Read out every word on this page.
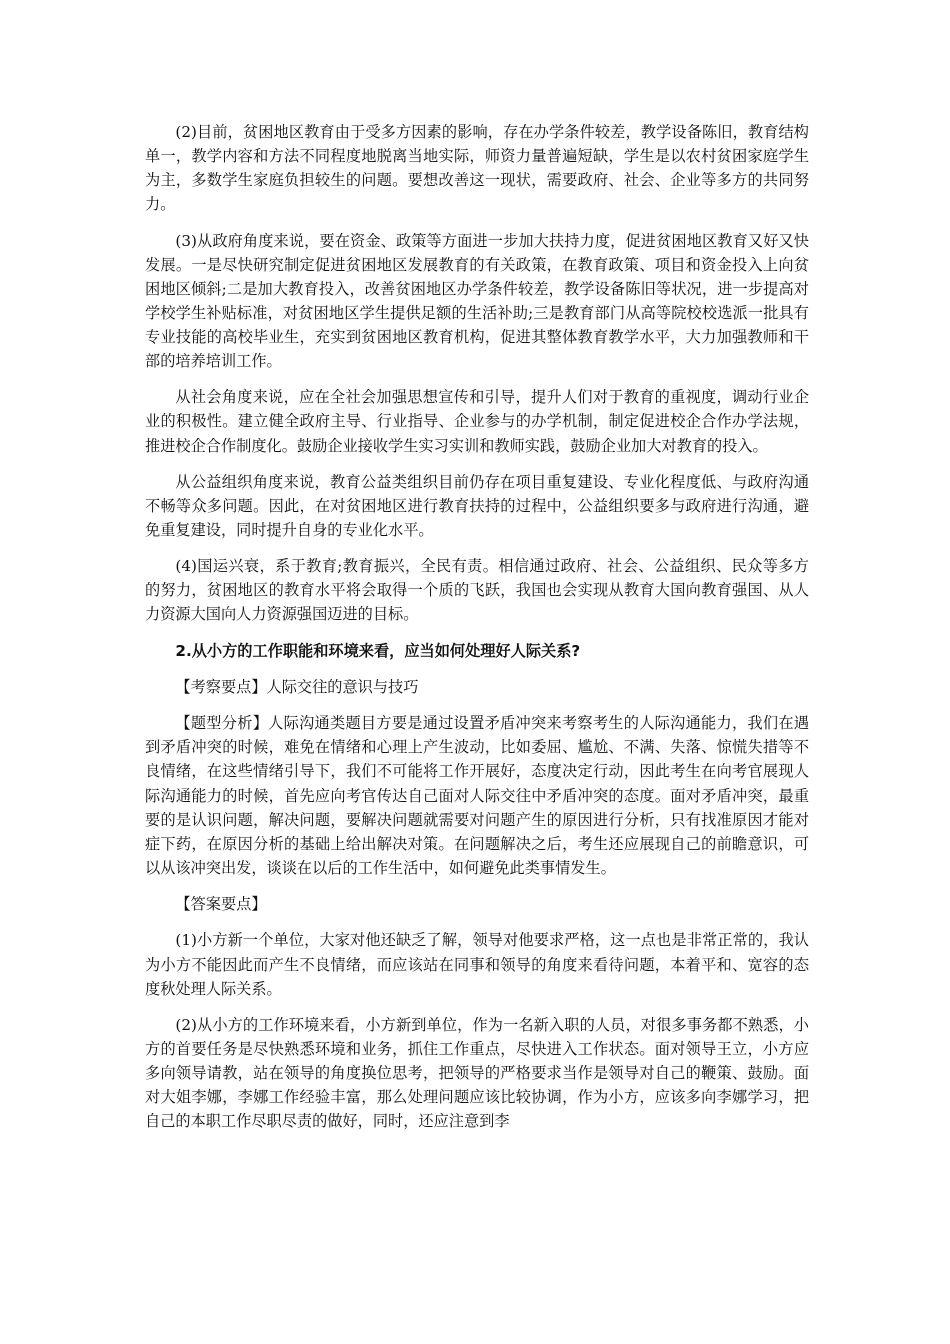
(2)目前，贫困地区教育由于受多方因素的影响，存在办学条件较差，教学设备陈旧，教育结构单一，教学内容和方法不同程度地脱离当地实际，师资力量普遍短缺，学生是以农村贫困家庭学生为主，多数学生家庭负担较生的问题。要想改善这一现状，需要政府、社会、企业等多方的共同努力。

(3)从政府角度来说，要在资金、政策等方面进一步加大扶持力度，促进贫困地区教育又好又快发展。一是尽快研究制定促进贫困地区发展教育的有关政策，在教育政策、项目和资金投入上向贫困地区倾斜;二是加大教育投入，改善贫困地区办学条件较差，教学设备陈旧等状况，进一步提高对学校学生补贴标准，对贫困地区学生提供足额的生活补助;三是教育部门从高等院校校选派一批具有专业技能的高校毕业生，充实到贫困地区教育机构，促进其整体教育教学水平，大力加强教师和干部的培养培训工作。

从社会角度来说，应在全社会加强思想宣传和引导，提升人们对于教育的重视度，调动行业企业的积极性。建立健全政府主导、行业指导、企业参与的办学机制，制定促进校企合作办学法规，推进校企合作制度化。鼓励企业接收学生实习实训和教师实践，鼓励企业加大对教育的投入。

从公益组织角度来说，教育公益类组织目前仍存在项目重复建设、专业化程度低、与政府沟通不畅等众多问题。因此，在对贫困地区进行教育扶持的过程中，公益组织要多与政府进行沟通，避免重复建设，同时提升自身的专业化水平。

(4)国运兴衰，系于教育;教育振兴，全民有责。相信通过政府、社会、公益组织、民众等多方的努力，贫困地区的教育水平将会取得一个质的飞跃，我国也会实现从教育大国向教育强国、从人力资源大国向人力资源强国迈进的目标。

2.从小方的工作职能和环境来看，应当如何处理好人际关系?

【考察要点】人际交往的意识与技巧

【题型分析】人际沟通类题目方要是通过设置矛盾冲突来考察考生的人际沟通能力，我们在遇到矛盾冲突的时候，难免在情绪和心理上产生波动，比如委屈、尴尬、不满、失落、惊慌失措等不良情绪，在这些情绪引导下，我们不可能将工作开展好，态度决定行动，因此考生在向考官展现人际沟通能力的时候，首先应向考官传达自己面对人际交往中矛盾冲突的态度。面对矛盾冲突，最重要的是认识问题，解决问题，要解决问题就需要对问题产生的原因进行分析，只有找准原因才能对症下药，在原因分析的基础上给出解决对策。在问题解决之后，考生还应展现自己的前瞻意识，可以从该冲突出发，谈谈在以后的工作生活中，如何避免此类事情发生。

【答案要点】

(1)小方新一个单位，大家对他还缺乏了解，领导对他要求严格，这一点也是非常正常的，我认为小方不能因此而产生不良情绪，而应该站在同事和领导的角度来看待问题，本着平和、宽容的态度秋处理人际关系。

(2)从小方的工作环境来看，小方新到单位，作为一名新入职的人员，对很多事务都不熟悉，小方的首要任务是尽快熟悉环境和业务，抓住工作重点，尽快进入工作状态。面对领导王立，小方应多向领导请教，站在领导的角度换位思考，把领导的严格要求当作是领导对自己的鞭策、鼓励。面对大姐李娜，李娜工作经验丰富，那么处理问题应该比较协调，作为小方，应该多向李娜学习，把自己的本职工作尽职尽责的做好，同时，还应注意到李
